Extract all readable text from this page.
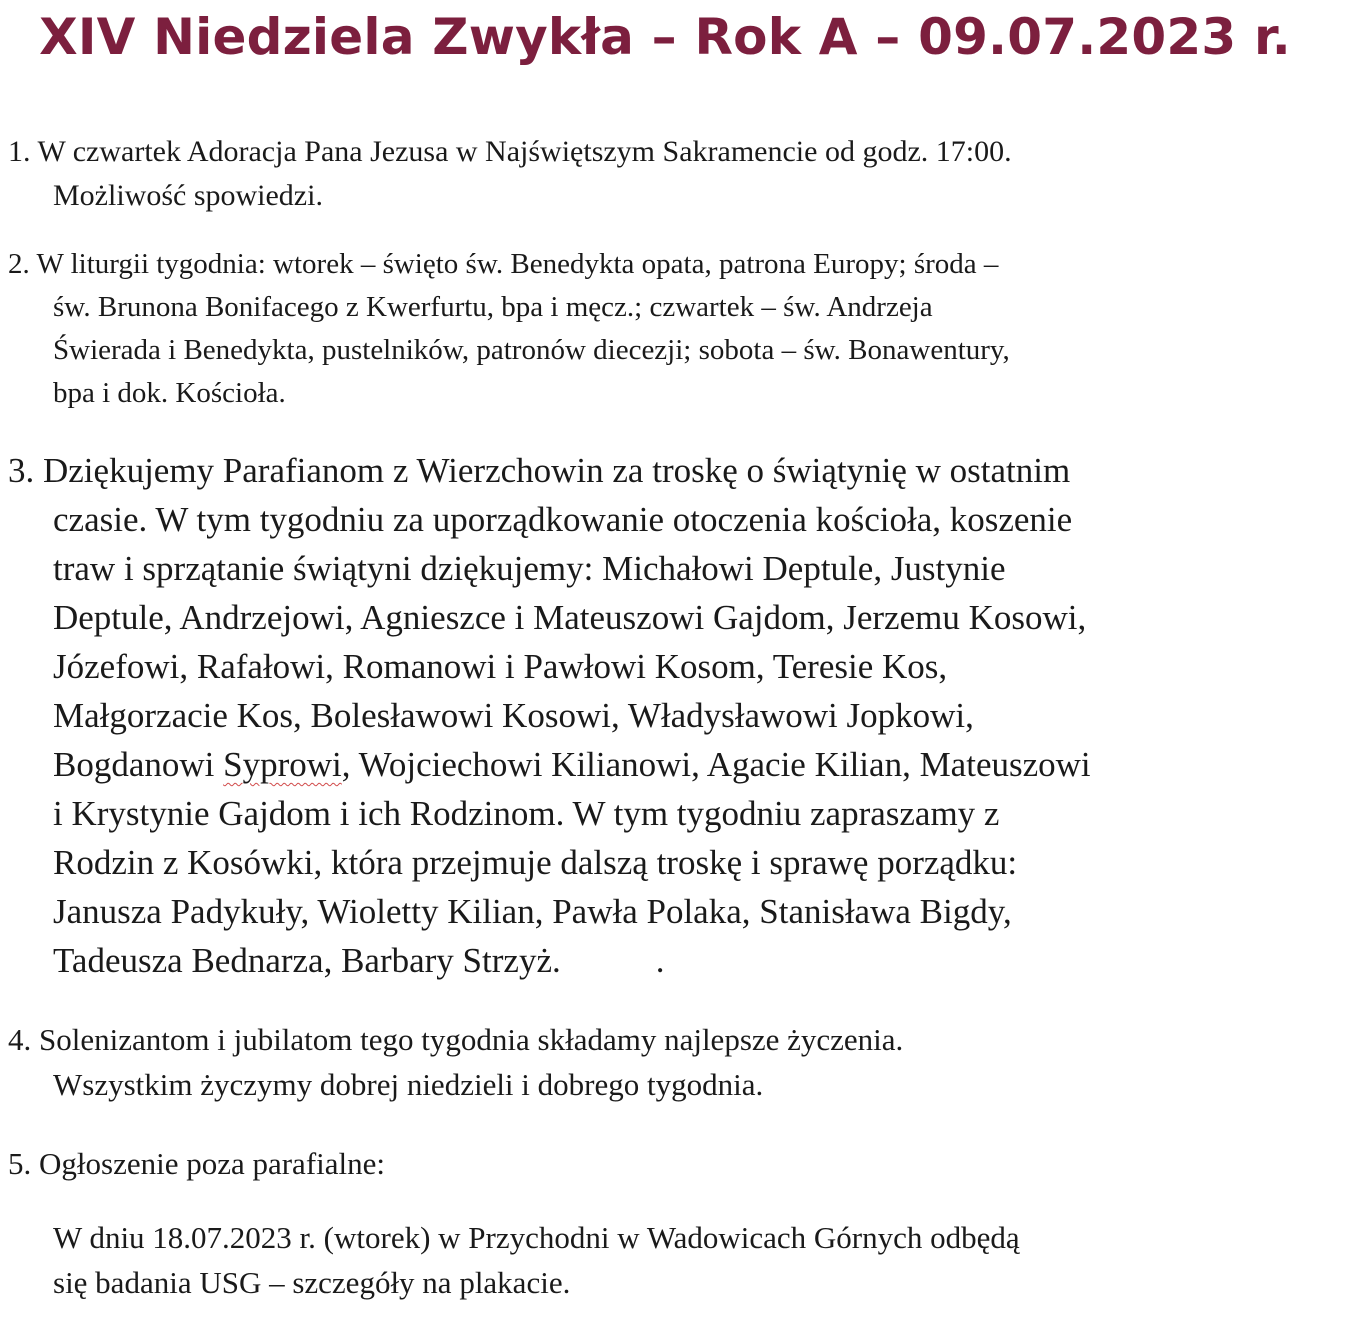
XIV Niedziela Zwykła – Rok A – 09.07.2023 r.
1. W czwartek Adoracja Pana Jezusa w Najświętszym Sakramencie od godz. 17:00.
Możliwość spowiedzi.
2. W liturgii tygodnia: wtorek – święto św. Benedykta opata, patrona Europy; środa –
św. Brunona Bonifacego z Kwerfurtu, bpa i męcz.; czwartek – św. Andrzeja
Świerada i Benedykta, pustelników, patronów diecezji; sobota – św. Bonawentury,
bpa i dok. Kościoła.
3. Dziękujemy Parafianom z Wierzchowin za troskę o świątynię w ostatnim
czasie. W tym tygodniu za uporządkowanie otoczenia kościoła, koszenie
traw i sprzątanie świątyni dziękujemy: Michałowi Deptule, Justynie
Deptule, Andrzejowi, Agnieszce i Mateuszowi Gajdom, Jerzemu Kosowi,
Józefowi, Rafałowi, Romanowi i Pawłowi Kosom, Teresie Kos,
Małgorzacie Kos, Bolesławowi Kosowi, Władysławowi Jopkowi,
Bogdanowi Syprowi, Wojciechowi Kilianowi, Agacie Kilian, Mateuszowi
i Krystynie Gajdom i ich Rodzinom. W tym tygodniu zapraszamy z
Rodzin z Kosówki, która przejmuje dalszą troskę i sprawę porządku:
Janusza Padykuły, Wioletty Kilian, Pawła Polaka, Stanisława Bigdy,
Tadeusza Bednarza, Barbary Strzyż.	.
4. Solenizantom i jubilatom tego tygodnia składamy najlepsze życzenia.
Wszystkim życzymy dobrej niedzieli i dobrego tygodnia.
5. Ogłoszenie poza parafialne:
W dniu 18.07.2023 r. (wtorek) w Przychodni w Wadowicach Górnych odbędą
się badania USG – szczegóły na plakacie.
